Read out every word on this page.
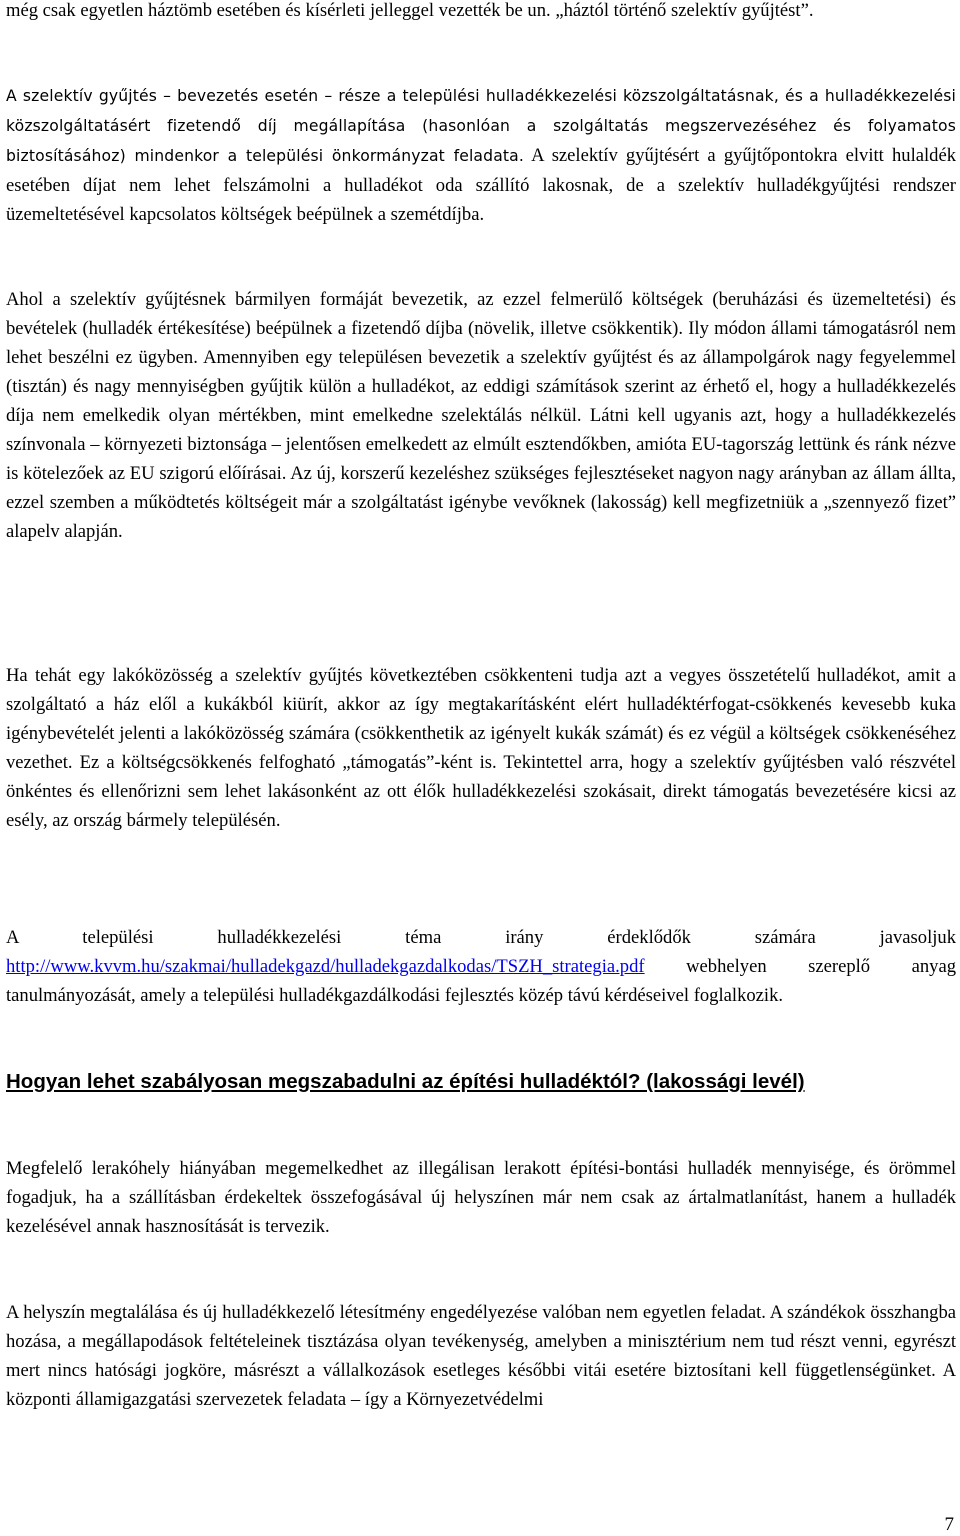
még csak egyetlen háztömb esetében és kísérleti jelleggel vezették be un. „háztól történő szelektív gyűjtést”.

A szelektív gyűjtés – bevezetés esetén – része a települési hulladékkezelési közszolgáltatásnak, és a hulladékkezelési közszolgáltatásért fizetendő díj megállapítása (hasonlóan a szolgáltatás megszervezéséhez és folyamatos biztosításához) mindenkor a települési önkormányzat feladata. A szelektív gyűjtésért a gyűjtőpontokra elvitt hulaldék esetében díjat nem lehet felszámolni a hulladékot oda szállító lakosnak, de a szelektív hulladékgyűjtési rendszer üzemeltetésével kapcsolatos költségek beépülnek a szemétdíjba.

Ahol a szelektív gyűjtésnek bármilyen formáját bevezetik, az ezzel felmerülő költségek (beruházási és üzemeltetési) és bevételek (hulladék értékesítése) beépülnek a fizetendő díjba (növelik, illetve csökkentik). Ily módon állami támogatásról nem lehet beszélni ez ügyben. Amennyiben egy településen bevezetik a szelektív gyűjtést és az állampolgárok nagy fegyelemmel (tisztán) és nagy mennyiségben gyűjtik külön a hulladékot, az eddigi számítások szerint az érhető el, hogy a hulladékkezelés díja nem emelkedik olyan mértékben, mint emelkedne szelektálás nélkül. Látni kell ugyanis azt, hogy a hulladékkezelés színvonala – környezeti biztonsága – jelentősen emelkedett az elmúlt esztendőkben, amióta EU-tagország lettünk és ránk nézve is kötelezőek az EU szigorú előírásai. Az új, korszerű kezeléshez szükséges fejlesztéseket nagyon nagy arányban az állam állta, ezzel szemben a működtetés költségeit már a szolgáltatást igénybe vevőknek (lakosság) kell megfizetniük a „szennyező fizet” alapelv alapján.

Ha tehát egy lakóközösség a szelektív gyűjtés következtében csökkenteni tudja azt a vegyes összetételű hulladékot, amit a szolgáltató a ház elől a kukákból kiürít, akkor az így megtakarításként elért hulladéktérfogat-csökkenés kevesebb kuka igénybevételét jelenti a lakóközösség számára (csökkenthetik az igényelt kukák számát) és ez végül a költségek csökkenéséhez vezethet. Ez a költségcsökkenés felfogható „támogatás”-ként is. Tekintettel arra, hogy a szelektív gyűjtésben való részvétel önkéntes és ellenőrizni sem lehet lakásonként az ott élők hulladékkezelési szokásait, direkt támogatás bevezetésére kicsi az esély, az ország bármely településén.

A települési hulladékkezelési téma irány érdeklődők számára javasoljuk http://www.kvvm.hu/szakmai/hulladekgazd/hulladekgazdalkodas/TSZH_strategia.pdf webhelyen szereplő anyag tanulmányozását, amely a települési hulladékgazdálkodási fejlesztés közép távú kérdéseivel foglalkozik.

Hogyan lehet szabályosan megszabadulni az építési hulladéktól? (lakossági levél)

Megfelelő lerakóhely hiányában megemelkedhet az illegálisan lerakott építési-bontási hulladék mennyisége, és örömmel fogadjuk, ha a szállításban érdekeltek összefogásával új helyszínen már nem csak az ártalmatlanítást, hanem a hulladék kezelésével annak hasznosítását is tervezik.

A helyszín megtalálása és új hulladékkezelő létesítmény engedélyezése valóban nem egyetlen feladat. A szándékok összhangba hozása, a megállapodások feltételeinek tisztázása olyan tevékenység, amelyben a minisztérium nem tud részt venni, egyrészt mert nincs hatósági jogköre, másrészt a vállalkozások esetleges későbbi vitái esetére biztosítani kell függetlenségünket. A központi államigazgatási szervezetek feladata – így a Környezetvédelmi

7
